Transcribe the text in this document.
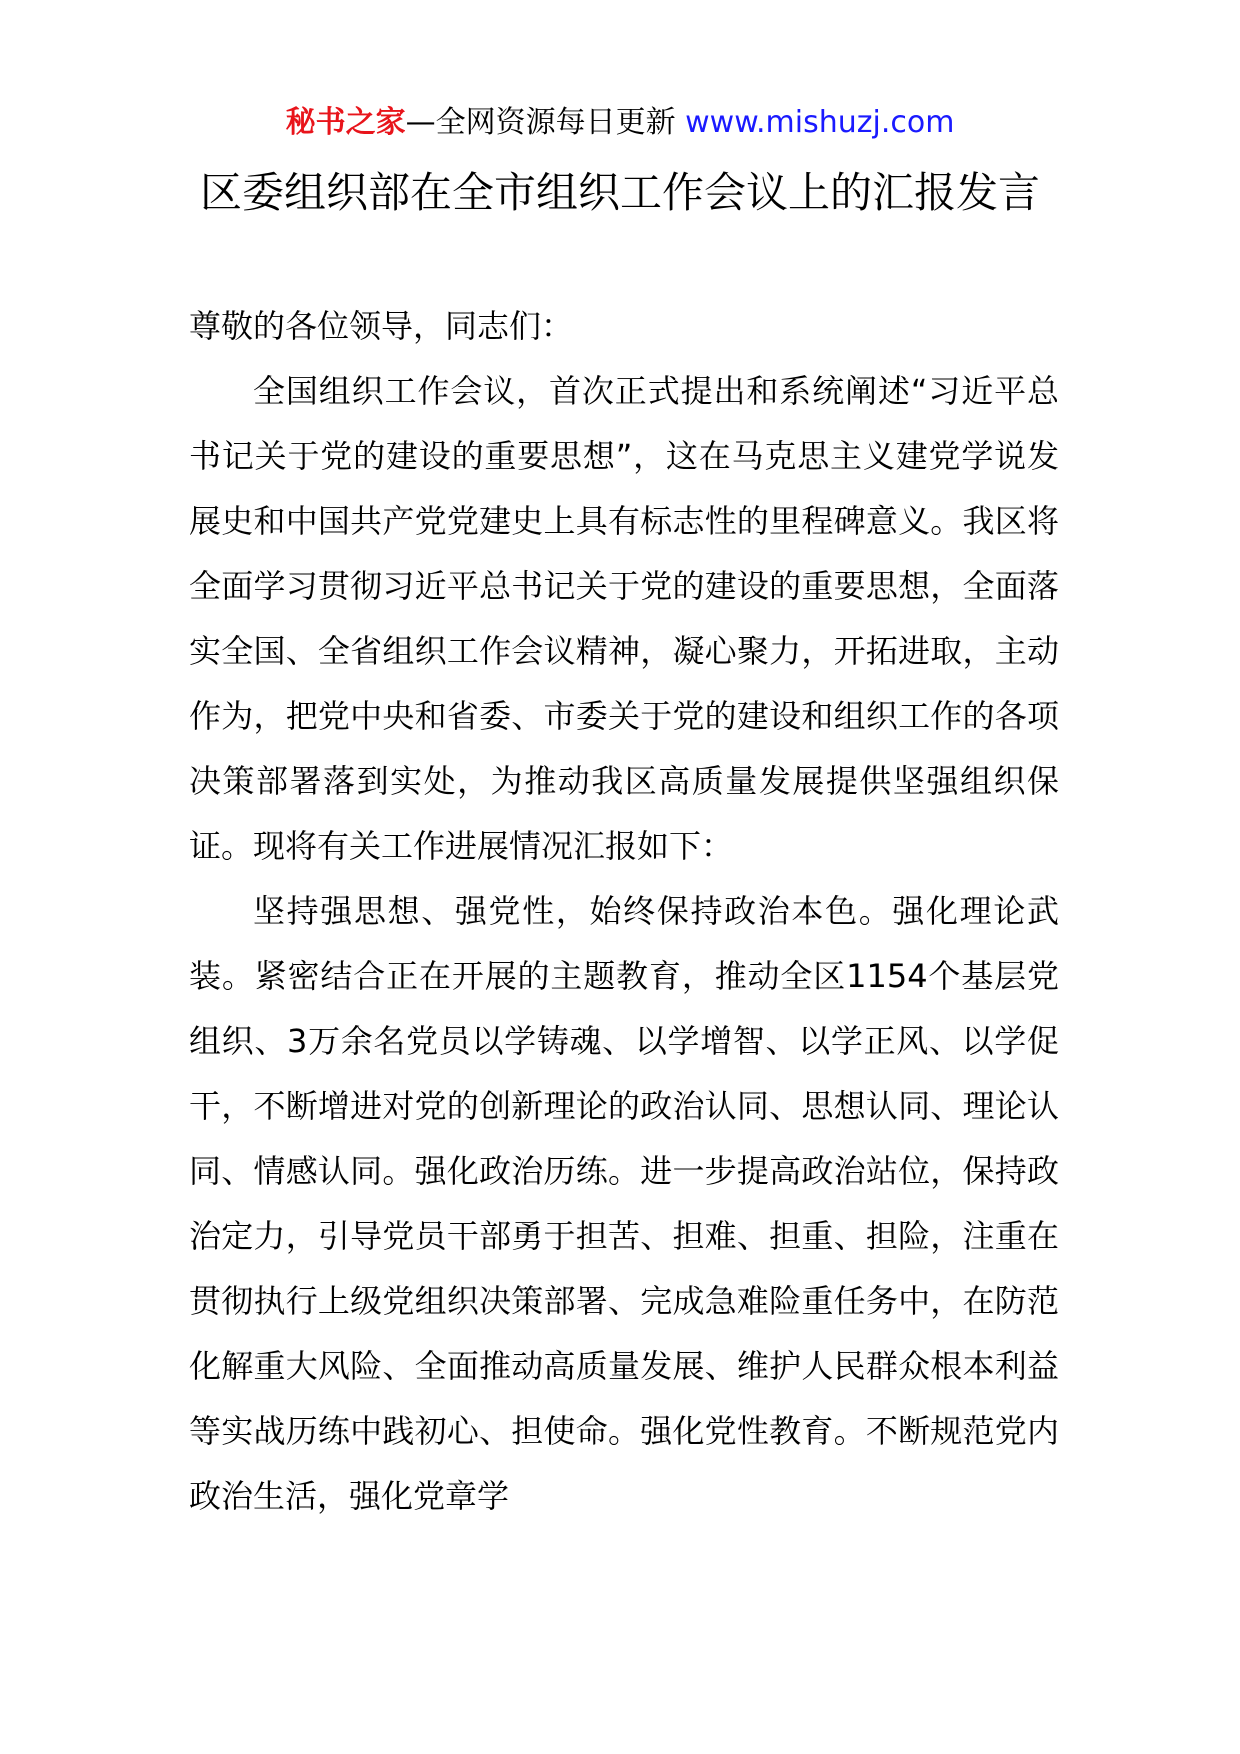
秘书之家—全网资源每日更新 www.mishuzj.com
区委组织部在全市组织工作会议上的汇报发言

尊敬的各位领导，同志们：

全国组织工作会议，首次正式提出和系统阐述“习近平总书记关于党的建设的重要思想”，这在马克思主义建党学说发展史和中国共产党党建史上具有标志性的里程碑意义。我区将全面学习贯彻习近平总书记关于党的建设的重要思想，全面落实全国、全省组织工作会议精神，凝心聚力，开拓进取，主动作为，把党中央和省委、市委关于党的建设和组织工作的各项决策部署落到实处，为推动我区高质量发展提供坚强组织保证。现将有关工作进展情况汇报如下：

坚持强思想、强党性，始终保持政治本色。强化理论武装。紧密结合正在开展的主题教育，推动全区1154个基层党组织、3万余名党员以学铸魂、以学增智、以学正风、以学促干，不断增进对党的创新理论的政治认同、思想认同、理论认同、情感认同。强化政治历练。进一步提高政治站位，保持政治定力，引导党员干部勇于担苦、担难、担重、担险，注重在贯彻执行上级党组织决策部署、完成急难险重任务中，在防范化解重大风险、全面推动高质量发展、维护人民群众根本利益等实战历练中践初心、担使命。强化党性教育。不断规范党内政治生活，强化党章学
